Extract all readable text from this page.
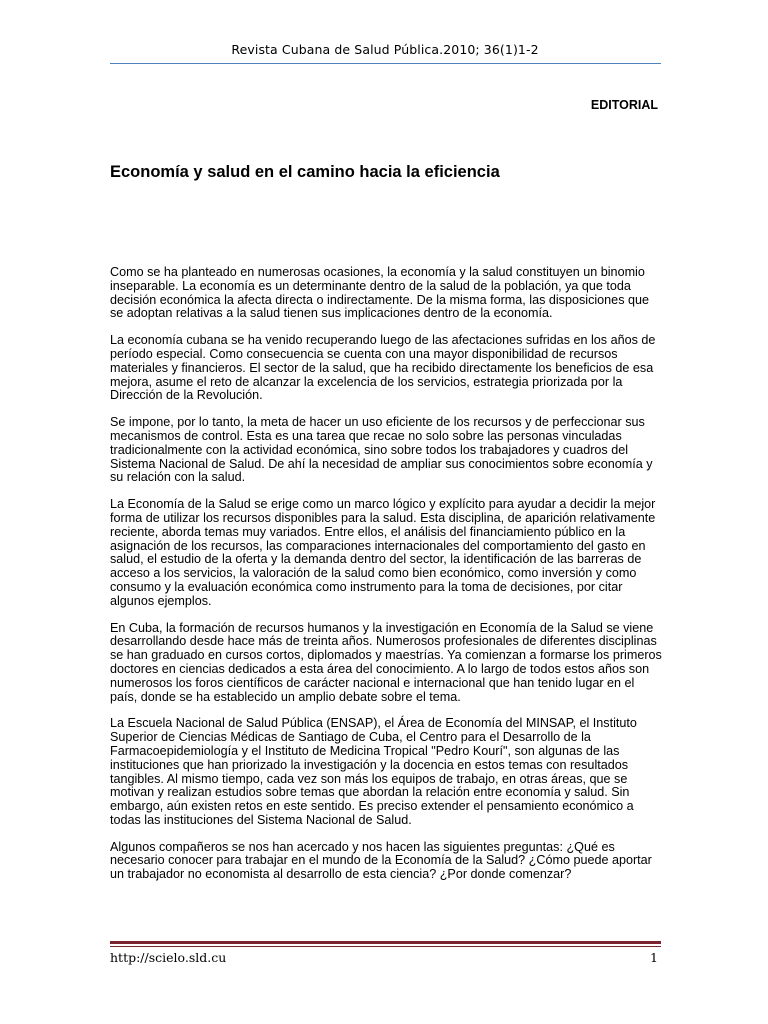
Revista Cubana de Salud Pública.2010; 36(1)1-2
EDITORIAL
Economía y salud en el camino hacia la eficiencia

Como se ha planteado en numerosas ocasiones, la economía y la salud constituyen un binomio inseparable. La economía es un determinante dentro de la salud de la población, ya que toda decisión económica la afecta directa o indirectamente. De la misma forma, las disposiciones que se adoptan relativas a la salud tienen sus implicaciones dentro de la economía.

La economía cubana se ha venido recuperando luego de las afectaciones sufridas en los años de período especial. Como consecuencia se cuenta con una mayor disponibilidad de recursos materiales y financieros. El sector de la salud, que ha recibido directamente los beneficios de esa mejora, asume el reto de alcanzar la excelencia de los servicios, estrategia priorizada por la Dirección de la Revolución.

Se impone, por lo tanto, la meta de hacer un uso eficiente de los recursos y de perfeccionar sus mecanismos de control. Esta es una tarea que recae no solo sobre las personas vinculadas tradicionalmente con la actividad económica, sino sobre todos los trabajadores y cuadros del Sistema Nacional de Salud. De ahí la necesidad de ampliar sus conocimientos sobre economía y su relación con la salud.

La Economía de la Salud se erige como un marco lógico y explícito para ayudar a decidir la mejor forma de utilizar los recursos disponibles para la salud. Esta disciplina, de aparición relativamente reciente, aborda temas muy variados. Entre ellos, el análisis del financiamiento público en la asignación de los recursos, las comparaciones internacionales del comportamiento del gasto en salud, el estudio de la oferta y la demanda dentro del sector, la identificación de las barreras de acceso a los servicios, la valoración de la salud como bien económico, como inversión y como consumo y la evaluación económica como instrumento para la toma de decisiones, por citar algunos ejemplos.

En Cuba, la formación de recursos humanos y la investigación en Economía de la Salud se viene desarrollando desde hace más de treinta años. Numerosos profesionales de diferentes disciplinas se han graduado en cursos cortos, diplomados y maestrías. Ya comienzan a formarse los primeros doctores en ciencias dedicados a esta área del conocimiento. A lo largo de todos estos años son numerosos los foros científicos de carácter nacional e internacional que han tenido lugar en el país, donde se ha establecido un amplio debate sobre el tema.

La Escuela Nacional de Salud Pública (ENSAP), el Área de Economía del MINSAP, el Instituto Superior de Ciencias Médicas de Santiago de Cuba, el Centro para el Desarrollo de la Farmacoepidemiología y el Instituto de Medicina Tropical "Pedro Kourí", son algunas de las instituciones que han priorizado la investigación y la docencia en estos temas con resultados tangibles. Al mismo tiempo, cada vez son más los equipos de trabajo, en otras áreas, que se motivan y realizan estudios sobre temas que abordan la relación entre economía y salud. Sin embargo, aún existen retos en este sentido. Es preciso extender el pensamiento económico a todas las instituciones del Sistema Nacional de Salud.

Algunos compañeros se nos han acercado y nos hacen las siguientes preguntas: ¿Qué es necesario conocer para trabajar en el mundo de la Economía de la Salud? ¿Cómo puede aportar un trabajador no economista al desarrollo de esta ciencia? ¿Por donde comenzar?

http://scielo.sld.cu	1
